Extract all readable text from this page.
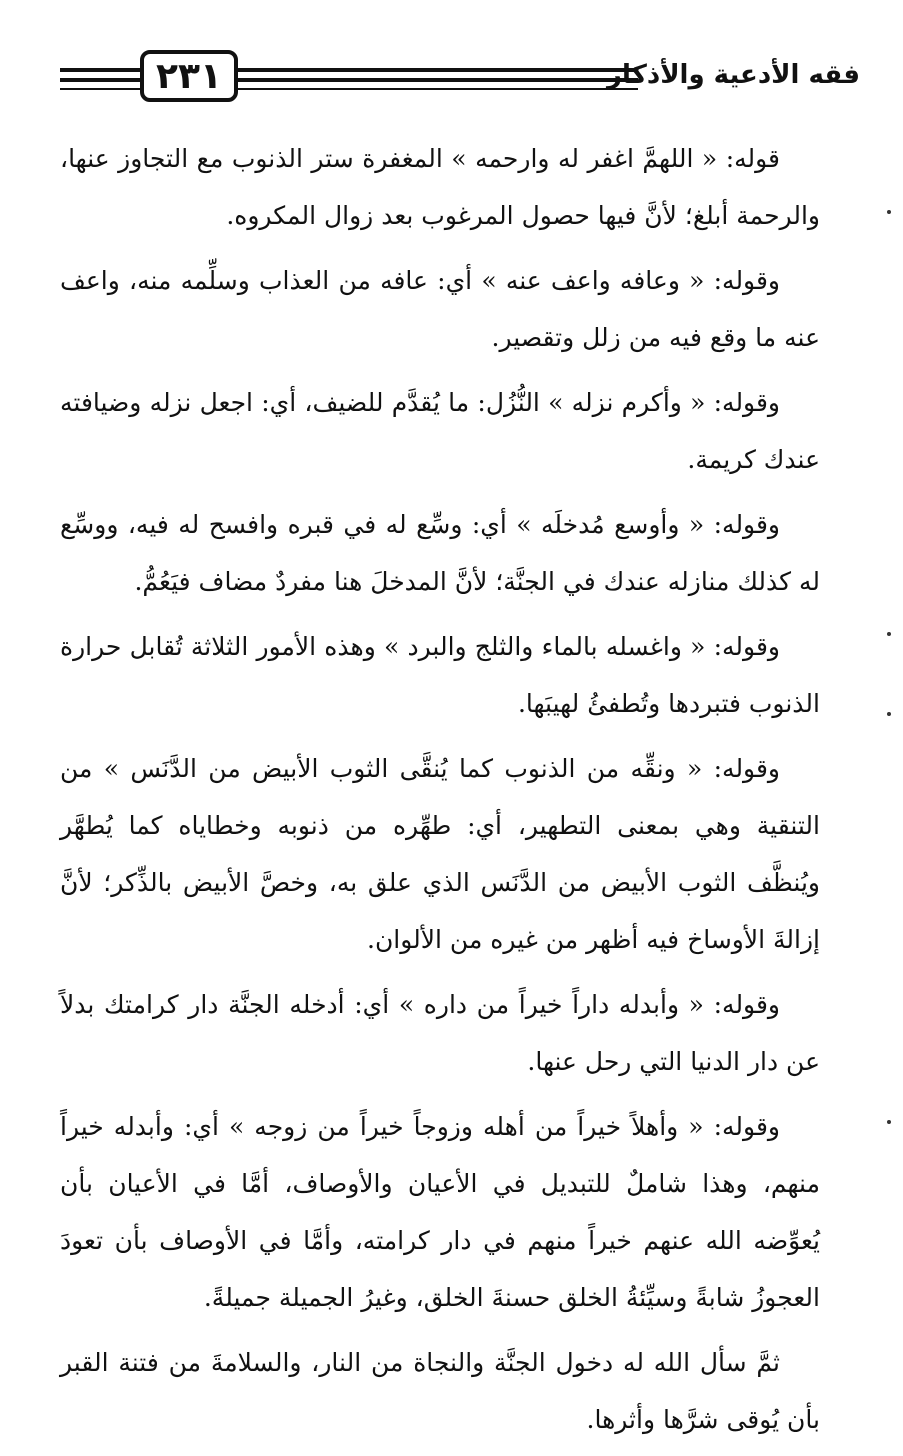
٢٣١	فقه الأدعية والأذكار

قوله: « اللهمَّ اغفر له وارحمه » المغفرة ستر الذنوب مع التجاوز عنها، والرحمة أبلغ؛ لأنَّ فيها حصول المرغوب بعد زوال المكروه.

وقوله: « وعافه واعف عنه » أي: عافه من العذاب وسلِّمه منه، واعف عنه ما وقع فيه من زلل وتقصير.

وقوله: « وأكرم نزله » النُّزُل: ما يُقدَّم للضيف، أي: اجعل نزله وضيافته عندك كريمة.

وقوله: « وأوسع مُدخلَه » أي: وسِّع له في قبره وافسح له فيه، ووسِّع له كذلك منازله عندك في الجنَّة؛ لأنَّ المدخلَ هنا مفردٌ مضاف فيَعُمُّ.

وقوله: « واغسله بالماء والثلج والبرد » وهذه الأمور الثلاثة تُقابل حرارة الذنوب فتبردها وتُطفئُ لهيبَها.

وقوله: « ونقِّه من الذنوب كما يُنقَّى الثوب الأبيض من الدَّنَس » من التنقية وهي بمعنى التطهير، أي: طهِّره من ذنوبه وخطاياه كما يُطهَّر ويُنظَّف الثوب الأبيض من الدَّنَس الذي علق به، وخصَّ الأبيض بالذِّكر؛ لأنَّ إزالةَ الأوساخ فيه أظهر من غيره من الألوان.

وقوله: « وأبدله داراً خيراً من داره » أي: أدخله الجنَّة دار كرامتك بدلاً عن دار الدنيا التي رحل عنها.

وقوله: « وأهلاً خيراً من أهله وزوجاً خيراً من زوجه » أي: وأبدله خيراً منهم، وهذا شاملٌ للتبديل في الأعيان والأوصاف، أمَّا في الأعيان بأن يُعوِّضه الله عنهم خيراً منهم في دار كرامته، وأمَّا في الأوصاف بأن تعودَ العجوزُ شابةً وسيِّئةُ الخلق حسنةَ الخلق، وغيرُ الجميلة جميلةً.

ثمَّ سأل الله له دخول الجنَّة والنجاة من النار، والسلامةَ من فتنة القبر بأن يُوقى شرَّها وأثرها.
